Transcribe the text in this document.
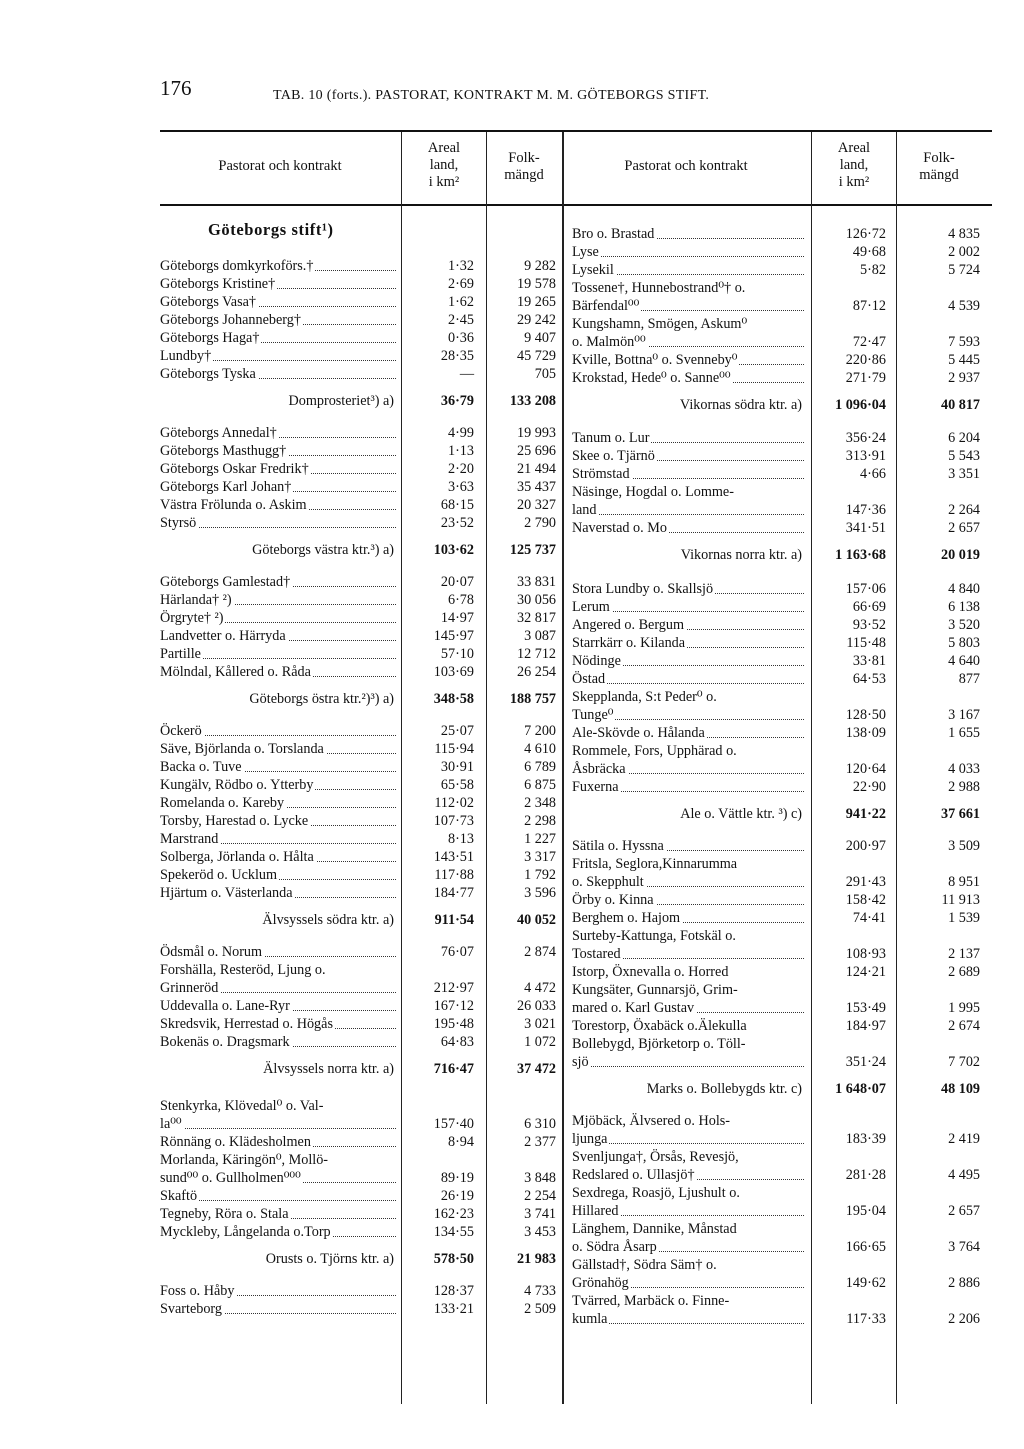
176	TAB. 10 (forts.). PASTORAT, KONTRAKT M. M. GÖTEBORGS STIFT.
Pastorat och kontrakt
Areal
land,
i km²
Folk-
mängd
Pastorat och kontrakt
Areal
land,
i km²
Folk-
mängd
Göteborgs stift¹)
Göteborgs domkyrkoförs.†	1·32	9 282
Göteborgs Kristine†	2·69	19 578
Göteborgs Vasa†	1·62	19 265
Göteborgs Johanneberg†	2·45	29 242
Göteborgs Haga†	0·36	9 407
Lundby†	28·35	45 729
Göteborgs Tyska	—	705
Domprosteriet³) a)	36·79	133 208
Göteborgs Annedal†	4·99	19 993
Göteborgs Masthugg†	1·13	25 696
Göteborgs Oskar Fredrik†	2·20	21 494
Göteborgs Karl Johan†	3·63	35 437
Västra Frölunda o. Askim	68·15	20 327
Styrsö	23·52	2 790
Göteborgs västra ktr.³) a)	103·62	125 737
Göteborgs Gamlestad†	20·07	33 831
Härlanda† ²)	6·78	30 056
Örgryte† ²)	14·97	32 817
Landvetter o. Härryda	145·97	3 087
Partille	57·10	12 712
Mölndal, Kållered o. Råda	103·69	26 254
Göteborgs östra ktr.²)³) a)	348·58	188 757
Öckerö	25·07	7 200
Säve, Björlanda o. Torslanda	115·94	4 610
Backa o. Tuve	30·91	6 789
Kungälv, Rödbo o. Ytterby	65·58	6 875
Romelanda o. Kareby	112·02	2 348
Torsby, Harestad o. Lycke	107·73	2 298
Marstrand	8·13	1 227
Solberga, Jörlanda o. Hålta	143·51	3 317
Spekeröd o. Ucklum	117·88	1 792
Hjärtum o. Västerlanda	184·77	3 596
Älvsyssels södra ktr. a)	911·54	40 052
Ödsmål o. Norum	76·07	2 874
Forshälla, Resteröd, Ljung o.
Grinneröd	212·97	4 472
Uddevalla o. Lane-Ryr	167·12	26 033
Skredsvik, Herrestad o. Högås	195·48	3 021
Bokenäs o. Dragsmark	64·83	1 072
Älvsyssels norra ktr. a)	716·47	37 472
Stenkyrka, Klövedal⁰ o. Val-
la⁰⁰	157·40	6 310
Rönnäng o. Klädesholmen	8·94	2 377
Morlanda, Käringön⁰, Mollö-
sund⁰⁰ o. Gullholmen⁰⁰⁰	89·19	3 848
Skaftö	26·19	2 254
Tegneby, Röra o. Stala	162·23	3 741
Myckleby, Långelanda o.Torp	134·55	3 453
Orusts o. Tjörns ktr. a)	578·50	21 983
Foss o. Håby	128·37	4 733
Svarteborg	133·21	2 509
Bro o. Brastad	126·72	4 835
Lyse	49·68	2 002
Lysekil	5·82	5 724
Tossene†, Hunnebostrand⁰† o.
Bärfendal⁰⁰	87·12	4 539
Kungshamn, Smögen, Askum⁰
o. Malmön⁰⁰	72·47	7 593
Kville, Bottna⁰ o. Svenneby⁰	220·86	5 445
Krokstad, Hede⁰ o. Sanne⁰⁰	271·79	2 937
Vikornas södra ktr. a)	1 096·04	40 817
Tanum o. Lur	356·24	6 204
Skee o. Tjärnö	313·91	5 543
Strömstad	4·66	3 351
Näsinge, Hogdal o. Lomme-
land	147·36	2 264
Naverstad o. Mo	341·51	2 657
Vikornas norra ktr. a)	1 163·68	20 019
Stora Lundby o. Skallsjö	157·06	4 840
Lerum	66·69	6 138
Angered o. Bergum	93·52	3 520
Starrkärr o. Kilanda	115·48	5 803
Nödinge	33·81	4 640
Östad	64·53	877
Skepplanda, S:t Peder⁰ o.
Tunge⁰	128·50	3 167
Ale-Skövde o. Hålanda	138·09	1 655
Rommele, Fors, Upphärad o.
Åsbräcka	120·64	4 033
Fuxerna	22·90	2 988
Ale o. Vättle ktr. ³) c)	941·22	37 661
Sätila o. Hyssna	200·97	3 509
Fritsla, Seglora,Kinnarumma
o. Skepphult	291·43	8 951
Örby o. Kinna	158·42	11 913
Berghem o. Hajom	74·41	1 539
Surteby-Kattunga, Fotskäl o.
Tostared	108·93	2 137
Istorp, Öxnevalla o. Horred	124·21	2 689
Kungsäter, Gunnarsjö, Grim-
mared o. Karl Gustav	153·49	1 995
Torestorp, Öxabäck o.Älekulla	184·97	2 674
Bollebygd, Björketorp o. Töll-
sjö	351·24	7 702
Marks o. Bollebygds ktr. c)	1 648·07	48 109
Mjöbäck, Älvsered o. Hols-
ljunga	183·39	2 419
Svenljunga†, Örsås, Revesjö,
Redslared o. Ullasjö†	281·28	4 495
Sexdrega, Roasjö, Ljushult o.
Hillared	195·04	2 657
Länghem, Dannike, Månstad
o. Södra Åsarp	166·65	3 764
Gällstad†, Södra Säm† o.
Grönahög	149·62	2 886
Tvärred, Marbäck o. Finne-
kumla	117·33	2 206
